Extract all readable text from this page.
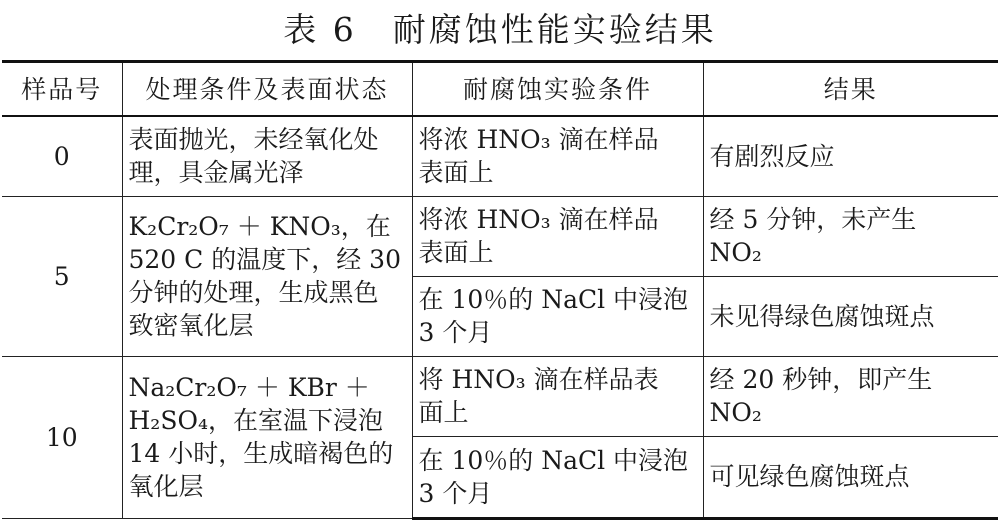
表 6　耐腐蚀性能实验结果
样品号	处理条件及表面状态	耐腐蚀实验条件	结果
0	表面抛光，未经氧化处
理，具金属光泽	将浓 HNO₃ 滴在样品
表面上	有剧烈反应

5	K₂Cr₂O₇ ＋ KNO₃，在
520 C 的温度下，经 30
分钟的处理，生成黑色
致密氧化层	将浓 HNO₃ 滴在样品
表面上	经 5 分钟，未产生
NO₂

		在 10％的 NaCl 中浸泡
3 个月	未见得绿色腐蚀斑点

10	Na₂Cr₂O₇ ＋ KBr ＋
H₂SO₄，在室温下浸泡
14 小时，生成暗褐色的
氧化层	将 HNO₃ 滴在样品表
面上	经 20 秒钟，即产生
NO₂

		在 10％的 NaCl 中浸泡
3 个月	可见绿色腐蚀斑点
